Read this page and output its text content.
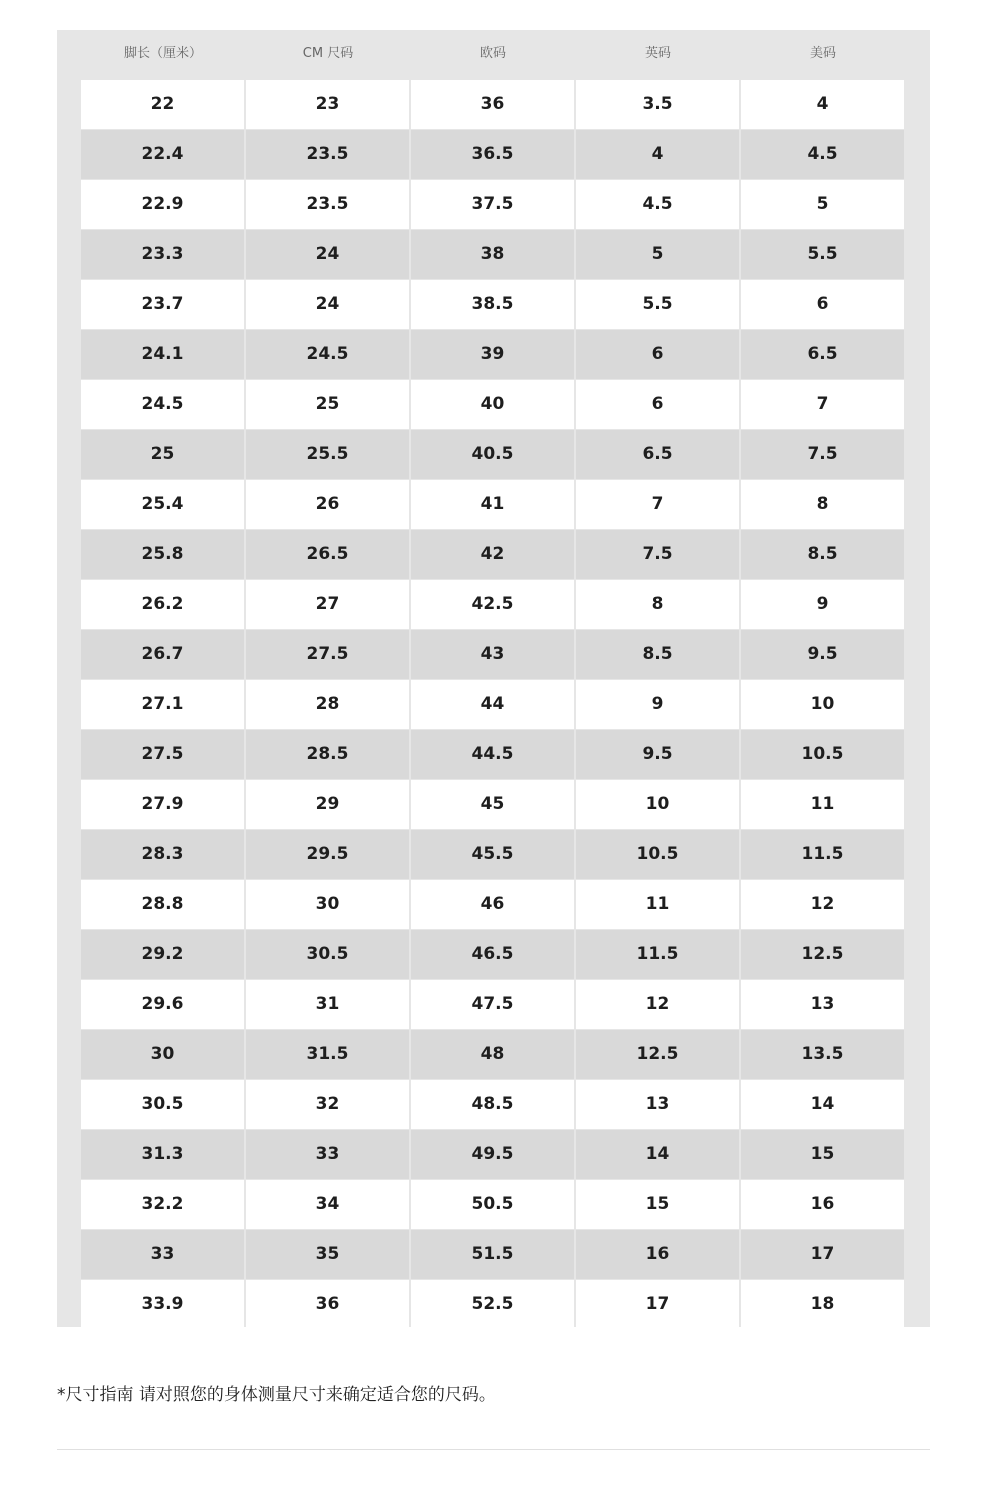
脚长（厘米）	CM 尺码	欧码	英码	美码
22	23	36	3.5	4
22.4	23.5	36.5	4	4.5
22.9	23.5	37.5	4.5	5
23.3	24	38	5	5.5
23.7	24	38.5	5.5	6
24.1	24.5	39	6	6.5
24.5	25	40	6	7
25	25.5	40.5	6.5	7.5
25.4	26	41	7	8
25.8	26.5	42	7.5	8.5
26.2	27	42.5	8	9
26.7	27.5	43	8.5	9.5
27.1	28	44	9	10
27.5	28.5	44.5	9.5	10.5
27.9	29	45	10	11
28.3	29.5	45.5	10.5	11.5
28.8	30	46	11	12
29.2	30.5	46.5	11.5	12.5
29.6	31	47.5	12	13
30	31.5	48	12.5	13.5
30.5	32	48.5	13	14
31.3	33	49.5	14	15
32.2	34	50.5	15	16
33	35	51.5	16	17
33.9	36	52.5	17	18
*尺寸指南 请对照您的身体测量尺寸来确定适合您的尺码。
